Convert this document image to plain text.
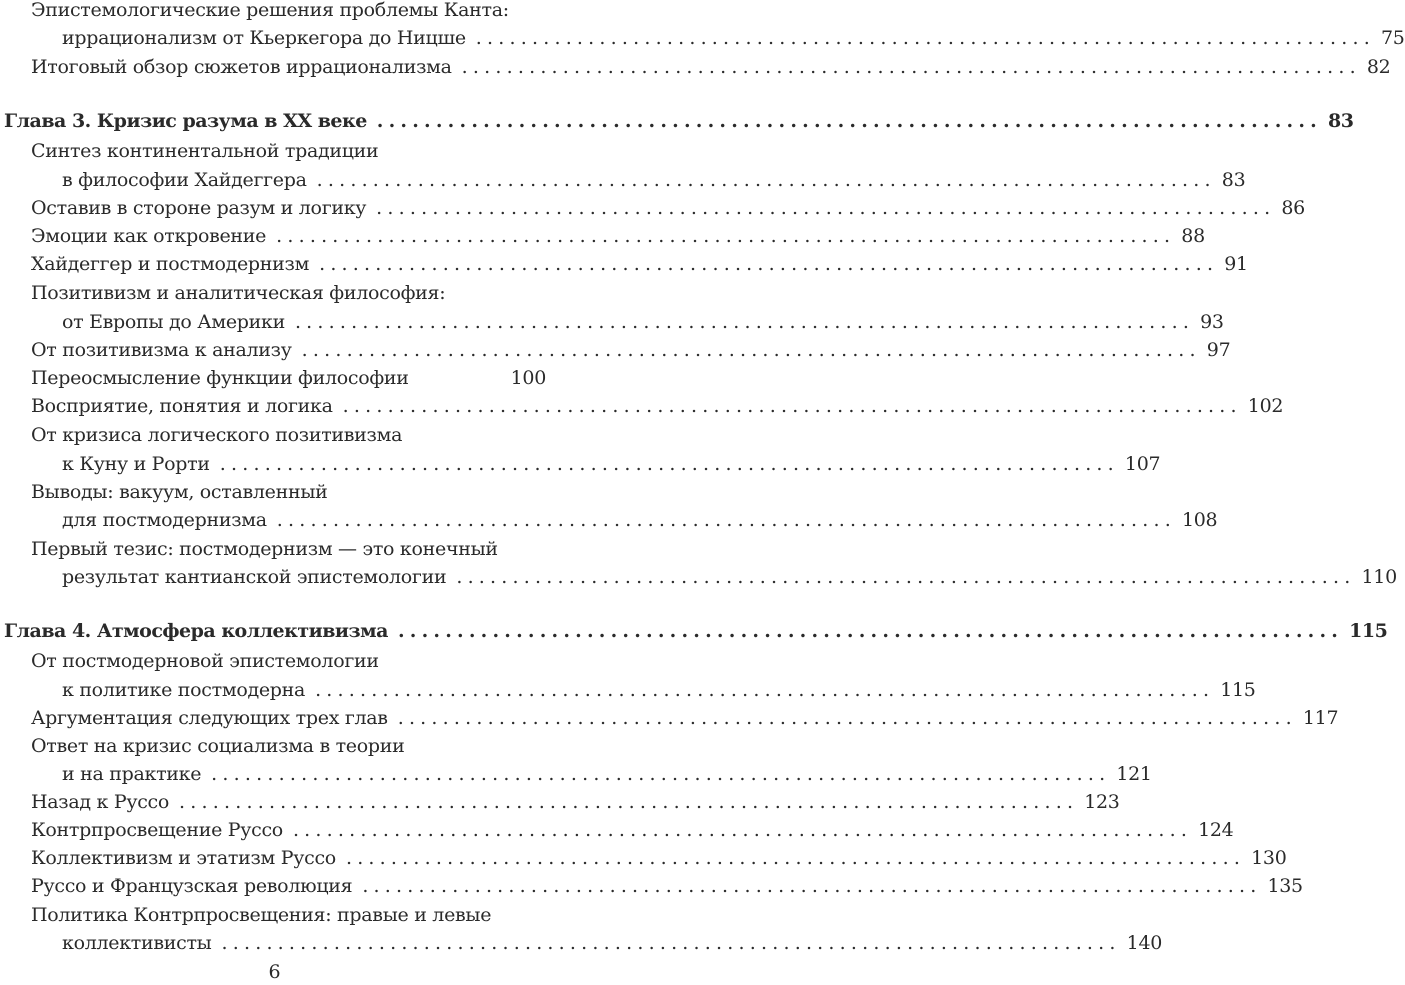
Эпистемологические решения проблемы Канта:
иррационализм от Кьеркегора до Ницше ................................................................................ 75
Итоговый обзор сюжетов иррационализма ................................................................................ 82
Глава 3. Кризис разума в ХХ веке ................................................................................ 83
Синтез континентальной традиции
в философии Хайдеггера ................................................................................ 83
Оставив в стороне разум и логику ................................................................................ 86
Эмоции как откровение ................................................................................ 88
Хайдеггер и постмодернизм ................................................................................ 91
Позитивизм и аналитическая философия:
от Европы до Америки ................................................................................ 93
От позитивизма к анализу ................................................................................ 97
Переосмысление функции философии	100
Восприятие, понятия и логика ................................................................................ 102
От кризиса логического позитивизма
к Куну и Рорти ................................................................................ 107
Выводы: вакуум, оставленный
для постмодернизма ................................................................................ 108
Первый тезис: постмодернизм — это конечный
результат кантианской эпистемологии ................................................................................ 110
Глава 4. Атмосфера коллективизма ................................................................................ 115
От постмодерновой эпистемологии
к политике постмодерна ................................................................................ 115
Аргументация следующих трех глав ................................................................................ 117
Ответ на кризис социализма в теории
и на практике ................................................................................ 121
Назад к Руссо ................................................................................ 123
Контрпросвещение Руссо ................................................................................ 124
Коллективизм и этатизм Руссо ................................................................................ 130
Руссо и Французская революция ................................................................................ 135
Политика Контрпросвещения: правые и левые
коллективисты ................................................................................ 140
6
